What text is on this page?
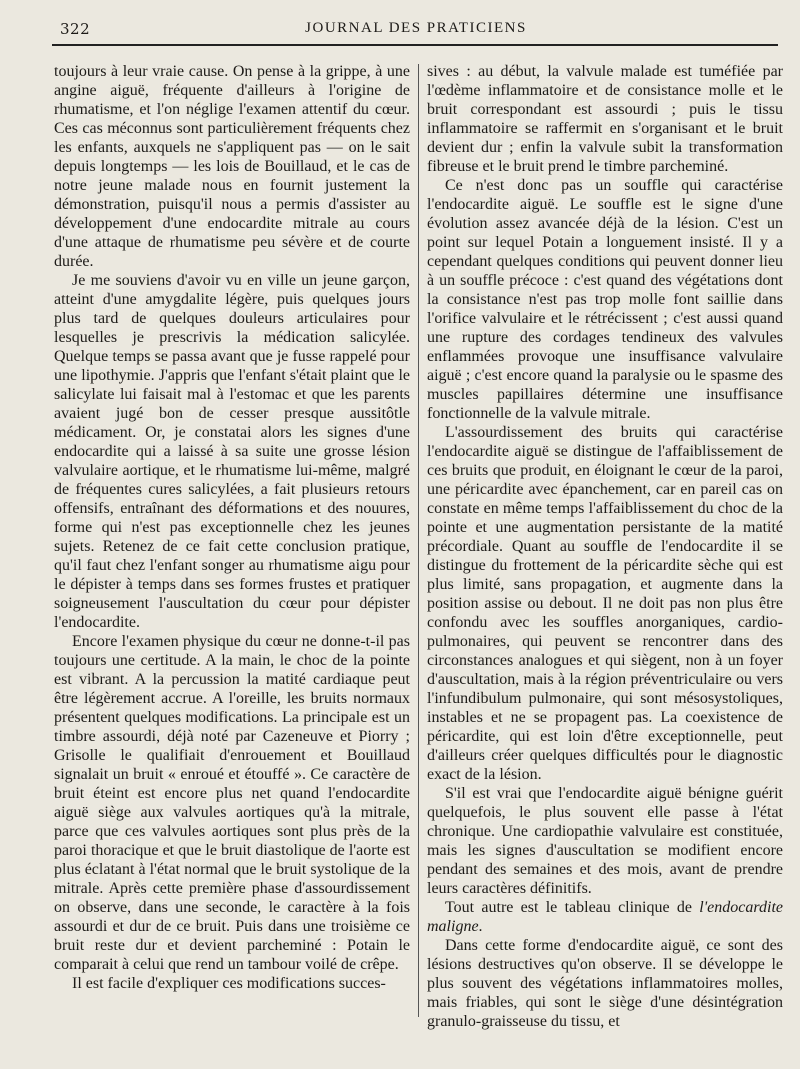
322	JOURNAL DES PRATICIENS

toujours à leur vraie cause. On pense à la grippe, à une angine aiguë, fréquente d'ailleurs à l'origine de rhumatisme, et l'on néglige l'examen attentif du cœur. Ces cas méconnus sont particulièrement fréquents chez les enfants, auxquels ne s'appliquent pas — on le sait depuis longtemps — les lois de Bouillaud, et le cas de notre jeune malade nous en fournit justement la démonstration, puisqu'il nous a permis d'assister au développement d'une endocardite mitrale au cours d'une attaque de rhumatisme peu sévère et de courte durée.

Je me souviens d'avoir vu en ville un jeune garçon, atteint d'une amygdalite légère, puis quelques jours plus tard de quelques douleurs articulaires pour lesquelles je prescrivis la médication salicylée. Quelque temps se passa avant que je fusse rappelé pour une lipothymie. J'appris que l'enfant s'était plaint que le salicylate lui faisait mal à l'estomac et que les parents avaient jugé bon de cesser presque aussitôtle médicament. Or, je constatai alors les signes d'une endocardite qui a laissé à sa suite une grosse lésion valvulaire aortique, et le rhumatisme lui-même, malgré de fréquentes cures salicylées, a fait plusieurs retours offensifs, entraînant des déformations et des nouures, forme qui n'est pas exceptionnelle chez les jeunes sujets. Retenez de ce fait cette conclusion pratique, qu'il faut chez l'enfant songer au rhumatisme aigu pour le dépister à temps dans ses formes frustes et pratiquer soigneusement l'auscultation du cœur pour dépister l'endocardite.

Encore l'examen physique du cœur ne donne-t-il pas toujours une certitude. A la main, le choc de la pointe est vibrant. A la percussion la matité cardiaque peut être légèrement accrue. A l'oreille, les bruits normaux présentent quelques modifications. La principale est un timbre assourdi, déjà noté par Cazeneuve et Piorry ; Grisolle le qualifiait d'enrouement et Bouillaud signalait un bruit « enroué et étouffé ». Ce caractère de bruit éteint est encore plus net quand l'endocardite aiguë siège aux valvules aortiques qu'à la mitrale, parce que ces valvules aortiques sont plus près de la paroi thoracique et que le bruit diastolique de l'aorte est plus éclatant à l'état normal que le bruit systolique de la mitrale. Après cette première phase d'assourdissement on observe, dans une seconde, le caractère à la fois assourdi et dur de ce bruit. Puis dans une troisième ce bruit reste dur et devient parcheminé : Potain le comparait à celui que rend un tambour voilé de crêpe.

Il est facile d'expliquer ces modifications succes-

sives : au début, la valvule malade est tuméfiée par l'œdème inflammatoire et de consistance molle et le bruit correspondant est assourdi ; puis le tissu inflammatoire se raffermit en s'organisant et le bruit devient dur ; enfin la valvule subit la transformation fibreuse et le bruit prend le timbre parcheminé.

Ce n'est donc pas un souffle qui caractérise l'endocardite aiguë. Le souffle est le signe d'une évolution assez avancée déjà de la lésion. C'est un point sur lequel Potain a longuement insisté. Il y a cependant quelques conditions qui peuvent donner lieu à un souffle précoce : c'est quand des végétations dont la consistance n'est pas trop molle font saillie dans l'orifice valvulaire et le rétrécissent ; c'est aussi quand une rupture des cordages tendineux des valvules enflammées provoque une insuffisance valvulaire aiguë ; c'est encore quand la paralysie ou le spasme des muscles papillaires détermine une insuffisance fonctionnelle de la valvule mitrale.

L'assourdissement des bruits qui caractérise l'endocardite aiguë se distingue de l'affaiblissement de ces bruits que produit, en éloignant le cœur de la paroi, une péricardite avec épanchement, car en pareil cas on constate en même temps l'affaiblissement du choc de la pointe et une augmentation persistante de la matité précordiale. Quant au souffle de l'endocardite il se distingue du frottement de la péricardite sèche qui est plus limité, sans propagation, et augmente dans la position assise ou debout. Il ne doit pas non plus être confondu avec les souffles anorganiques, cardio-pulmonaires, qui peuvent se rencontrer dans des circonstances analogues et qui siègent, non à un foyer d'auscultation, mais à la région préventriculaire ou vers l'infundibulum pulmonaire, qui sont mésosystoliques, instables et ne se propagent pas. La coexistence de péricardite, qui est loin d'être exceptionnelle, peut d'ailleurs créer quelques difficultés pour le diagnostic exact de la lésion.

S'il est vrai que l'endocardite aiguë bénigne guérit quelquefois, le plus souvent elle passe à l'état chronique. Une cardiopathie valvulaire est constituée, mais les signes d'auscultation se modifient encore pendant des semaines et des mois, avant de prendre leurs caractères définitifs.

Tout autre est le tableau clinique de l'endocardite maligne.

Dans cette forme d'endocardite aiguë, ce sont des lésions destructives qu'on observe. Il se développe le plus souvent des végétations inflammatoires molles, mais friables, qui sont le siège d'une désintégration granulo-graisseuse du tissu, et
